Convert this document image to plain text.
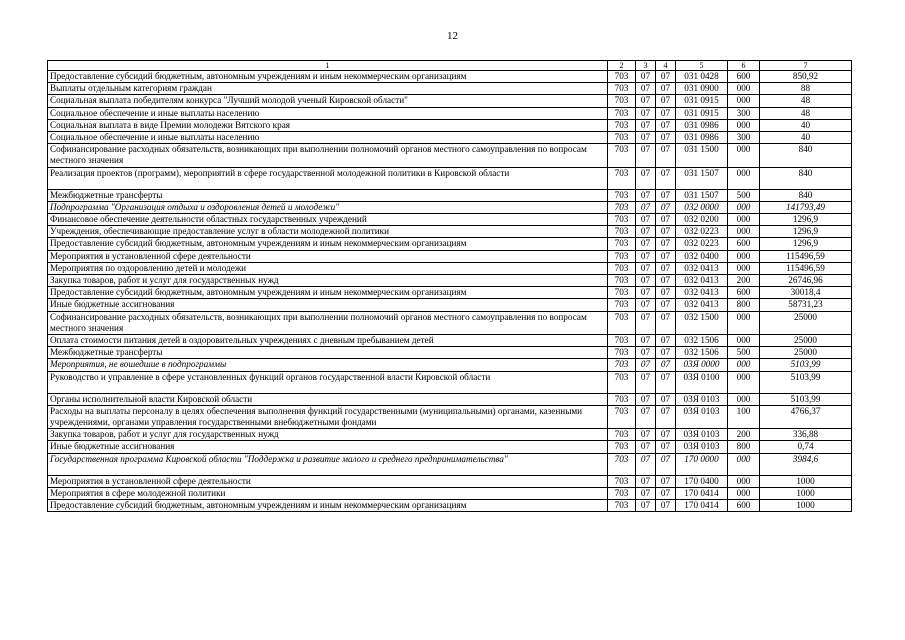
12
1	2	3	4	5	6	7
Предоставление субсидий бюджетным, автономным учреждениям и иным некоммерческим организациям	703	07	07	031 0428	600	850,92
Выплаты отдельным категориям граждан	703	07	07	031 0900	000	88
Социальная выплата победителям конкурса "Лучший молодой ученый Кировской области"	703	07	07	031 0915	000	48
Социальное обеспечение и иные выплаты населению	703	07	07	031 0915	300	48
Социальная выплата в виде Премии молодежи Вятского края	703	07	07	031 0986	000	40
Социальное обеспечение и иные выплаты населению	703	07	07	031 0986	300	40
Софинансирование расходных обязательств, возникающих при выполнении полномочий органов местного самоуправления по вопросам местного значения	703	07	07	031 1500	000	840
Реализация проектов (программ), мероприятий в сфере государственной молодежной политики в Кировской области	703	07	07	031 1507	000	840
Межбюджетные трансферты	703	07	07	031 1507	500	840
Подпрограмма "Организация отдыха и оздоровления детей и молодежи"	703	07	07	032 0000	000	141793,49
Финансовое обеспечение деятельности областных государственных учреждений	703	07	07	032 0200	000	1296,9
Учреждения, обеспечивающие предоставление услуг в области молодежной политики	703	07	07	032 0223	000	1296,9
Предоставление субсидий бюджетным, автономным учреждениям и иным некоммерческим организациям	703	07	07	032 0223	600	1296,9
Мероприятия в установленной сфере деятельности	703	07	07	032 0400	000	115496,59
Мероприятия по оздоровлению детей и молодежи	703	07	07	032 0413	000	115496,59
Закупка товаров, работ и услуг для государственных нужд	703	07	07	032 0413	200	26746,96
Предоставление субсидий бюджетным, автономным учреждениям и иным некоммерческим организациям	703	07	07	032 0413	600	30018,4
Иные бюджетные ассигнования	703	07	07	032 0413	800	58731,23
Софинансирование расходных обязательств, возникающих при выполнении полномочий органов местного самоуправления по вопросам местного значения	703	07	07	032 1500	000	25000
Оплата стоимости питания детей в оздоровительных учреждениях с дневным пребыванием детей	703	07	07	032 1506	000	25000
Межбюджетные трансферты	703	07	07	032 1506	500	25000
Мероприятия, не вошедшие в подпрограммы	703	07	07	03Я 0000	000	5103,99
Руководство и управление в сфере установленных функций органов государственной власти Кировской области	703	07	07	03Я 0100	000	5103,99
Органы исполнительной власти Кировской области	703	07	07	03Я 0103	000	5103,99
Расходы на выплаты персоналу в целях обеспечения выполнения функций государственными (муниципальными) органами, казенными учреждениями, органами управления государственными внебюджетными фондами	703	07	07	03Я 0103	100	4766,37
Закупка товаров, работ и услуг для государственных нужд	703	07	07	03Я 0103	200	336,88
Иные бюджетные ассигнования	703	07	07	03Я 0103	800	0,74
Государственная программа Кировской области "Поддержка и развитие малого и среднего предпринимательства"	703	07	07	170 0000	000	3984,6
Мероприятия в установленной сфере деятельности	703	07	07	170 0400	000	1000
Мероприятия в сфере молодежной политики	703	07	07	170 0414	000	1000
Предоставление субсидий бюджетным, автономным учреждениям и иным некоммерческим организациям	703	07	07	170 0414	600	1000
